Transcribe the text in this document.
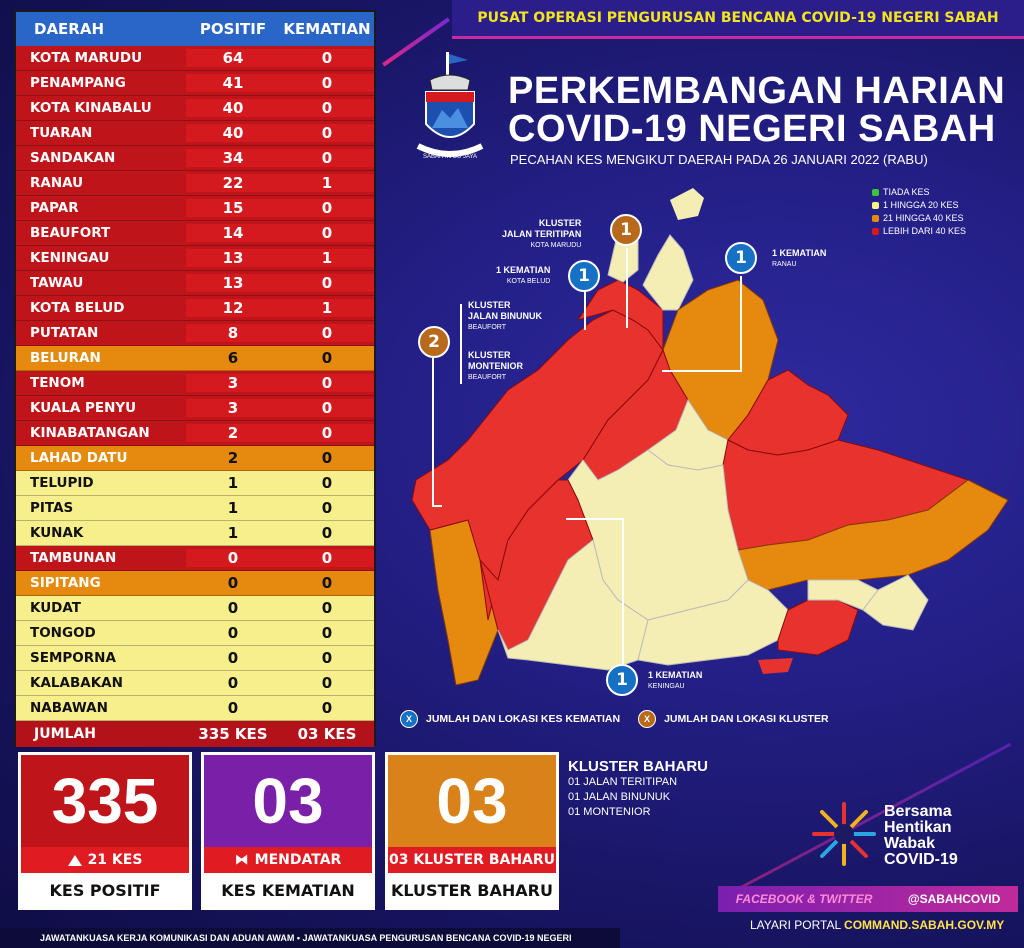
DAERAH	POSITIF	KEMATIAN
KOTA MARUDU	64	0
PENAMPANG	41	0
KOTA KINABALU	40	0
TUARAN	40	0
SANDAKAN	34	0
RANAU	22	1
PAPAR	15	0
BEAUFORT	14	0
KENINGAU	13	1
TAWAU	13	0
KOTA BELUD	12	1
PUTATAN	8	0
BELURAN	6	0
TENOM	3	0
KUALA PENYU	3	0
KINABATANGAN	2	0
LAHAD DATU	2	0
TELUPID	1	0
PITAS	1	0
KUNAK	1	0
TAMBUNAN	0	0
SIPITANG	0	0
KUDAT	0	0
TONGOD	0	0
SEMPORNA	0	0
KALABAKAN	0	0
NABAWAN	0	0
JUMLAH	335 KES	03 KES
PUSAT OPERASI PENGURUSAN BENCANA COVID-19 NEGERI SABAH
SABAH MAJU JAYA
PERKEMBANGAN HARIAN
COVID-19 NEGERI SABAH
PECAHAN KES MENGIKUT DAERAH PADA 26 JANUARI 2022 (RABU)
TIADA KES
1 HINGGA 20 KES
21 HINGGA 40 KES
LEBIH DARI 40 KES
1
KLUSTER
JALAN TERITIPAN
KOTA MARUDU
1
1 KEMATIAN
KOTA BELUD
1	1 KEMATIAN
RANAU
2
KLUSTER
JALAN BINUNUK
BEAUFORT
KLUSTER
MONTENIOR
BEAUFORT
1	1 KEMATIAN
KENINGAU
X	JUMLAH DAN LOKASI KES KEMATIAN	X	JUMLAH DAN LOKASI KLUSTER
335
21 KES
KES POSITIF
03
⧓ MENDATAR
KES KEMATIAN
03
03 KLUSTER BAHARU
KLUSTER BAHARU
KLUSTER BAHARU
01 JALAN TERITIPAN
01 JALAN BINUNUK
01 MONTENIOR	Bersama
Hentikan
Wabak
COVID-19
FACEBOOK & TWITTER	@SABAHCOVID
LAYARI PORTAL COMMAND.SABAH.GOV.MY
JAWATANKUASA KERJA KOMUNIKASI DAN ADUAN AWAM • JAWATANKUASA PENGURUSAN BENCANA COVID-19 NEGERI
